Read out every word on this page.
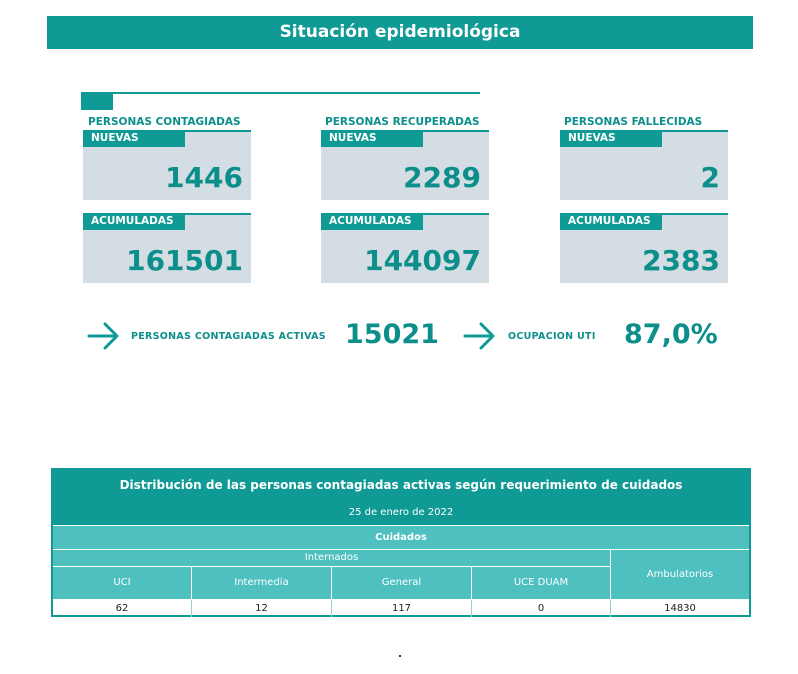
Situación epidemiológica
PERSONAS CONTAGIADAS
NUEVAS
1446
ACUMULADAS
161501
PERSONAS RECUPERADAS
NUEVAS
2289
ACUMULADAS
144097
PERSONAS FALLECIDAS
NUEVAS
2
ACUMULADAS
2383
PERSONAS CONTAGIADAS ACTIVAS 15021	OCUPACION UTI 87,0%
Distribución de las personas contagiadas activas según requerimiento de cuidados
25 de enero de 2022
Cuidados
Internados
Ambulatorios
UCI	Intermedia	General	UCE DUAM
62	12	117	0	14830
